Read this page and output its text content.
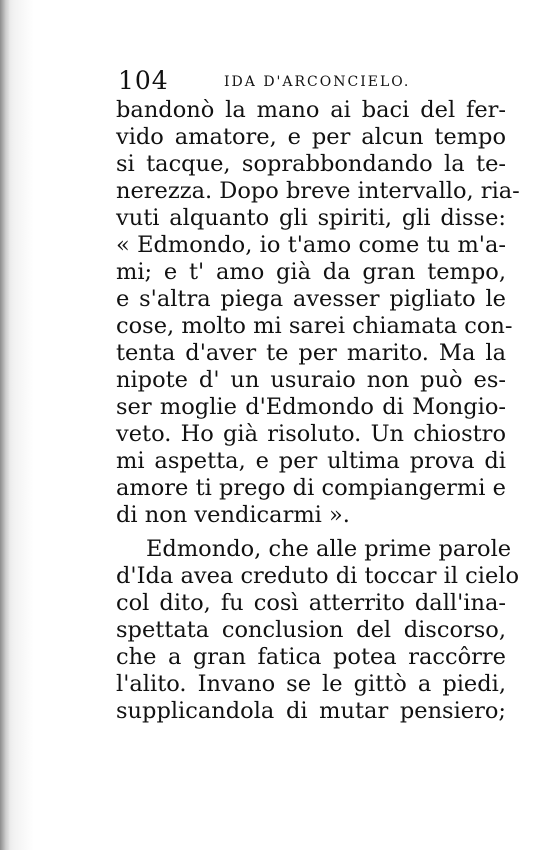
104	IDA D'ARCONCIELO.
bandonò la mano ai baci del fer-
vido amatore, e per alcun tempo
si tacque, soprabbondando la te-
nerezza. Dopo breve intervallo, ria-
vuti alquanto gli spiriti, gli disse:
« Edmondo, io t'amo come tu m'a-
mi; e t' amo già da gran tempo,
e s'altra piega avesser pigliato le
cose, molto mi sarei chiamata con-
tenta d'aver te per marito. Ma la
nipote d' un usuraio non può es-
ser moglie d'Edmondo di Mongio-
veto. Ho già risoluto. Un chiostro
mi aspetta, e per ultima prova di
amore ti prego di compiangermi e
di non vendicarmi ».
Edmondo, che alle prime parole
d'Ida avea creduto di toccar il cielo
col dito, fu così atterrito dall'ina-
spettata conclusion del discorso,
che a gran fatica potea raccôrre
l'alito. Invano se le gittò a piedi,
supplicandola di mutar pensiero;
